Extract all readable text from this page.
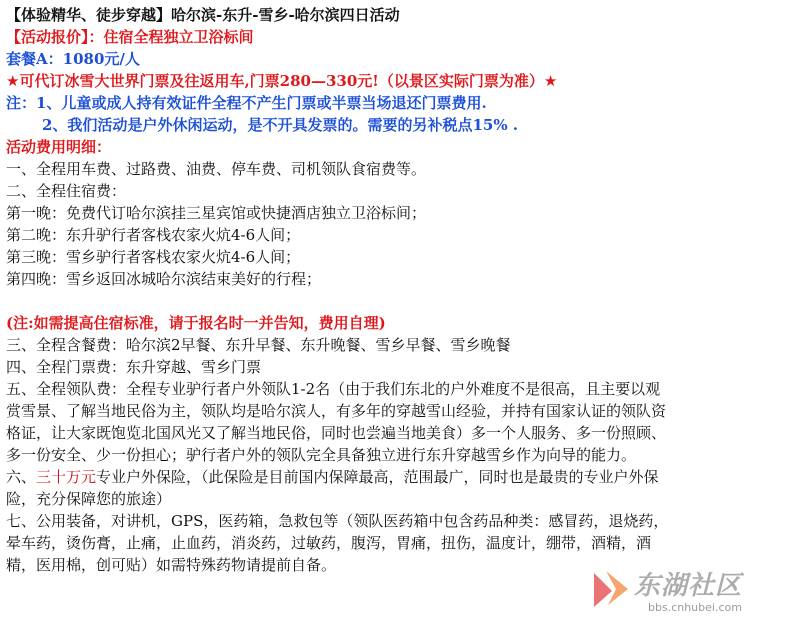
【体验精华、徒步穿越】哈尔滨-东升-雪乡-哈尔滨四日活动
【活动报价】：住宿全程独立卫浴标间
套餐A：1080元/人
★可代订冰雪大世界门票及往返用车,门票280—330元!（以景区实际门票为准）★
注：1、儿童或成人持有效证件全程不产生门票或半票当场退还门票费用.
2、我们活动是户外休闲运动，是不开具发票的。需要的另补税点15% .
活动费用明细：
一、全程用车费、过路费、油费、停车费、司机领队食宿费等。
二、全程住宿费：
第一晚：免费代订哈尔滨挂三星宾馆或快捷酒店独立卫浴标间；
第二晚：东升驴行者客栈农家火炕4-6人间；
第三晚：雪乡驴行者客栈农家火炕4-6人间；
第四晚：雪乡返回冰城哈尔滨结束美好的行程；
(注:如需提高住宿标准，请于报名时一并告知，费用自理)
三、全程含餐费：哈尔滨2早餐、东升早餐、东升晚餐、雪乡早餐、雪乡晚餐
四、全程门票费：东升穿越、雪乡门票
五、全程领队费：全程专业驴行者户外领队1-2名（由于我们东北的户外难度不是很高，且主要以观
赏雪景、了解当地民俗为主，领队均是哈尔滨人，有多年的穿越雪山经验，并持有国家认证的领队资
格证，让大家既饱览北国风光又了解当地民俗，同时也尝遍当地美食）多一个人服务、多一份照顾、
多一份安全、少一份担心；驴行者户外的领队完全具备独立进行东升穿越雪乡作为向导的能力。
六、三十万元专业户外保险，（此保险是目前国内保障最高，范围最广，同时也是最贵的专业户外保
险，充分保障您的旅途）
七、公用装备，对讲机，GPS，医药箱，急救包等（领队医药箱中包含药品种类：感冒药，退烧药，
晕车药，烫伤膏，止痛，止血药，消炎药，过敏药，腹泻，胃痛，扭伤，温度计，绷带，酒精，酒
精，医用棉，创可贴）如需特殊药物请提前自备。
东湖社区
bbs.cnhubei.com
